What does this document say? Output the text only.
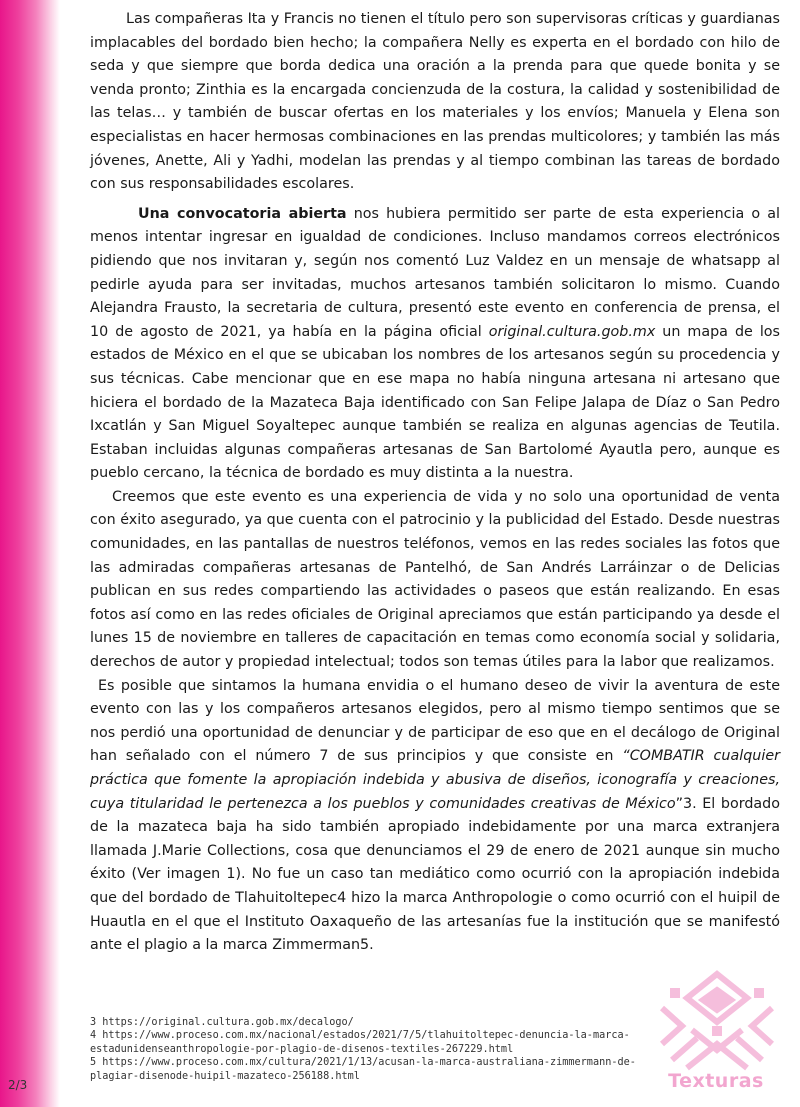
Las compañeras Ita y Francis no tienen el título pero son supervisoras críticas y guardianas implacables del bordado bien hecho; la compañera Nelly es experta en el bordado con hilo de seda y que siempre que borda dedica una oración a la prenda para que quede bonita y se venda pronto; Zinthia es la encargada concienzuda de la costura, la calidad y sostenibilidad de las telas… y también de buscar ofertas en los materiales y los envíos; Manuela y Elena son especialistas en hacer hermosas combinaciones en las prendas multicolores; y también las más jóvenes, Anette, Ali y Yadhi, modelan las prendas y al tiempo combinan las tareas de bordado con sus responsabilidades escolares.

Una convocatoria abierta nos hubiera permitido ser parte de esta experiencia o al menos intentar ingresar en igualdad de condiciones. Incluso mandamos correos electrónicos pidiendo que nos invitaran y, según nos comentó Luz Valdez en un mensaje de whatsapp al pedirle ayuda para ser invitadas, muchos artesanos también solicitaron lo mismo. Cuando Alejandra Frausto, la secretaria de cultura, presentó este evento en conferencia de prensa, el 10 de agosto de 2021, ya había en la página oficial original.cultura.gob.mx un mapa de los estados de México en el que se ubicaban los nombres de los artesanos según su procedencia y sus técnicas. Cabe mencionar que en ese mapa no había ninguna artesana ni artesano que hiciera el bordado de la Mazateca Baja identificado con San Felipe Jalapa de Díaz o San Pedro Ixcatlán y San Miguel Soyaltepec aunque también se realiza en algunas agencias de Teutila. Estaban incluidas algunas compañeras artesanas de San Bartolomé Ayautla pero, aunque es pueblo cercano, la técnica de bordado es muy distinta a la nuestra.

Creemos que este evento es una experiencia de vida y no solo una oportunidad de venta con éxito asegurado, ya que cuenta con el patrocinio y la publicidad del Estado. Desde nuestras comunidades, en las pantallas de nuestros teléfonos, vemos en las redes sociales las fotos que las admiradas compañeras artesanas de Pantelhó, de San Andrés Larráinzar o de Delicias publican en sus redes compartiendo las actividades o paseos que están realizando. En esas fotos así como en las redes oficiales de Original apreciamos que están participando ya desde el lunes 15 de noviembre en talleres de capacitación en temas como economía social y solidaria, derechos de autor y propiedad intelectual; todos son temas útiles para la labor que realizamos.

Es posible que sintamos la humana envidia o el humano deseo de vivir la aventura de este evento con las y los compañeros artesanos elegidos, pero al mismo tiempo sentimos que se nos perdió una oportunidad de denunciar y de participar de eso que en el decálogo de Original han señalado con el número 7 de sus principios y que consiste en “COMBATIR cualquier práctica que fomente la apropiación indebida y abusiva de diseños, iconografía y creaciones, cuya titularidad le pertenezca a los pueblos y comunidades creativas de México”3. El bordado de la mazateca baja ha sido también apropiado indebidamente por una marca extranjera llamada J.Marie Collections, cosa que denunciamos el 29 de enero de 2021 aunque sin mucho éxito (Ver imagen 1). No fue un caso tan mediático como ocurrió con la apropiación indebida que del bordado de Tlahuitoltepec4 hizo la marca Anthropologie o como ocurrió con el huipil de Huautla en el que el Instituto Oaxaqueño de las artesanías fue la institución que se manifestó ante el plagio a la marca Zimmerman5.

3 https://original.cultura.gob.mx/decalogo/
4 https://www.proceso.com.mx/nacional/estados/2021/7/5/tlahuitoltepec-denuncia-la-marca-
estadunidenseanthropologie-por-plagio-de-disenos-textiles-267229.html
5 https://www.proceso.com.mx/cultura/2021/1/13/acusan-la-marca-australiana-zimmermann-de-
plagiar-disenode-huipil-mazateco-256188.html	Texturas
2/3
